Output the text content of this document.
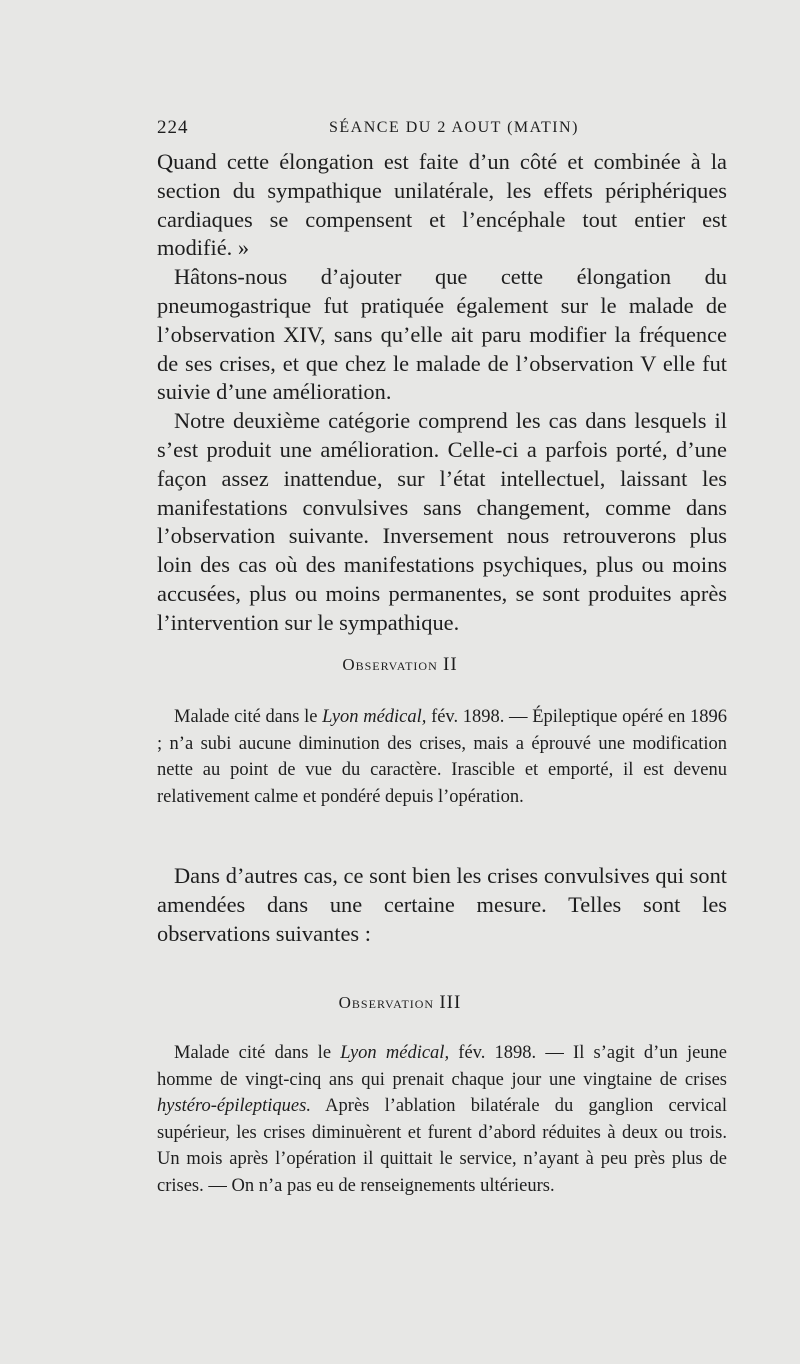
224	SÉANCE DU 2 AOUT (MATIN)

Quand cette élongation est faite d’un côté et combinée à la section du sympathique unilatérale, les effets périphériques cardiaques se compensent et l’encéphale tout entier est modifié. »

Hâtons-nous d’ajouter que cette élongation du pneumogastrique fut pratiquée également sur le malade de l’observation XIV, sans qu’elle ait paru modifier la fréquence de ses crises, et que chez le malade de l’observation V elle fut suivie d’une amélioration.

Notre deuxième catégorie comprend les cas dans lesquels il s’est produit une amélioration. Celle-ci a parfois porté, d’une façon assez inattendue, sur l’état intellectuel, laissant les manifestations convulsives sans changement, comme dans l’observation suivante. Inversement nous retrouverons plus loin des cas où des manifestations psychiques, plus ou moins accusées, plus ou moins permanentes, se sont produites après l’intervention sur le sympathique.

Observation II

Malade cité dans le Lyon médical, fév. 1898. — Épileptique opéré en 1896 ; n’a subi aucune diminution des crises, mais a éprouvé une modification nette au point de vue du caractère. Irascible et emporté, il est devenu relativement calme et pondéré depuis l’opération.

Dans d’autres cas, ce sont bien les crises convulsives qui sont amendées dans une certaine mesure. Telles sont les observations suivantes :

Observation III

Malade cité dans le Lyon médical, fév. 1898. — Il s’agit d’un jeune homme de vingt-cinq ans qui prenait chaque jour une vingtaine de crises hystéro-épileptiques. Après l’ablation bilatérale du ganglion cervical supérieur, les crises diminuèrent et furent d’abord réduites à deux ou trois. Un mois après l’opération il quittait le service, n’ayant à peu près plus de crises. — On n’a pas eu de renseignements ultérieurs.
